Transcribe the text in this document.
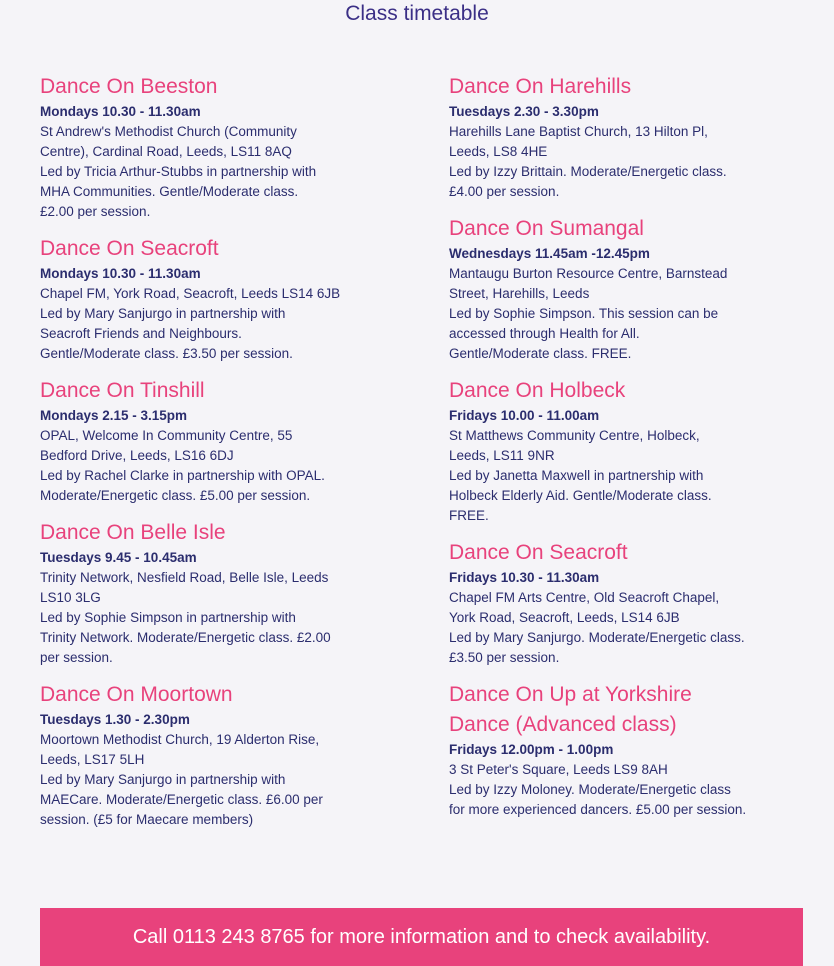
Class timetable
Dance On Beeston
Mondays 10.30 - 11.30am
St Andrew's Methodist Church (Community
Centre), Cardinal Road, Leeds, LS11 8AQ
Led by Tricia Arthur-Stubbs in partnership with
MHA Communities. Gentle/Moderate class.
£2.00 per session.
Dance On Seacroft
Mondays 10.30 - 11.30am
Chapel FM, York Road, Seacroft, Leeds LS14 6JB
Led by Mary Sanjurgo in partnership with
Seacroft Friends and Neighbours.
Gentle/Moderate class. £3.50 per session.
Dance On Tinshill
Mondays 2.15 - 3.15pm
OPAL, Welcome In Community Centre, 55
Bedford Drive, Leeds, LS16 6DJ
Led by Rachel Clarke in partnership with OPAL.
Moderate/Energetic class. £5.00 per session.
Dance On Belle Isle
Tuesdays 9.45 - 10.45am
Trinity Network, Nesfield Road, Belle Isle, Leeds
LS10 3LG
Led by Sophie Simpson in partnership with
Trinity Network. Moderate/Energetic class. £2.00
per session.
Dance On Moortown
Tuesdays 1.30 - 2.30pm
Moortown Methodist Church, 19 Alderton Rise,
Leeds, LS17 5LH
Led by Mary Sanjurgo in partnership with
MAECare. Moderate/Energetic class. £6.00 per
session. (£5 for Maecare members)
Dance On Harehills
Tuesdays 2.30 - 3.30pm
Harehills Lane Baptist Church, 13 Hilton Pl,
Leeds, LS8 4HE
Led by Izzy Brittain. Moderate/Energetic class.
£4.00 per session.
Dance On Sumangal
Wednesdays 11.45am -12.45pm
Mantaugu Burton Resource Centre, Barnstead
Street, Harehills, Leeds
Led by Sophie Simpson. This session can be
accessed through Health for All.
Gentle/Moderate class. FREE.
Dance On Holbeck
Fridays 10.00 - 11.00am
St Matthews Community Centre, Holbeck,
Leeds, LS11 9NR
Led by Janetta Maxwell in partnership with
Holbeck Elderly Aid. Gentle/Moderate class.
FREE.
Dance On Seacroft
Fridays 10.30 - 11.30am
Chapel FM Arts Centre, Old Seacroft Chapel,
York Road, Seacroft, Leeds, LS14 6JB
Led by Mary Sanjurgo. Moderate/Energetic class.
£3.50 per session.
Dance On Up at Yorkshire
Dance (Advanced class)
Fridays 12.00pm - 1.00pm
3 St Peter's Square, Leeds LS9 8AH
Led by Izzy Moloney. Moderate/Energetic class
for more experienced dancers. £5.00 per session.
Call 0113 243 8765 for more information and to check availability.
